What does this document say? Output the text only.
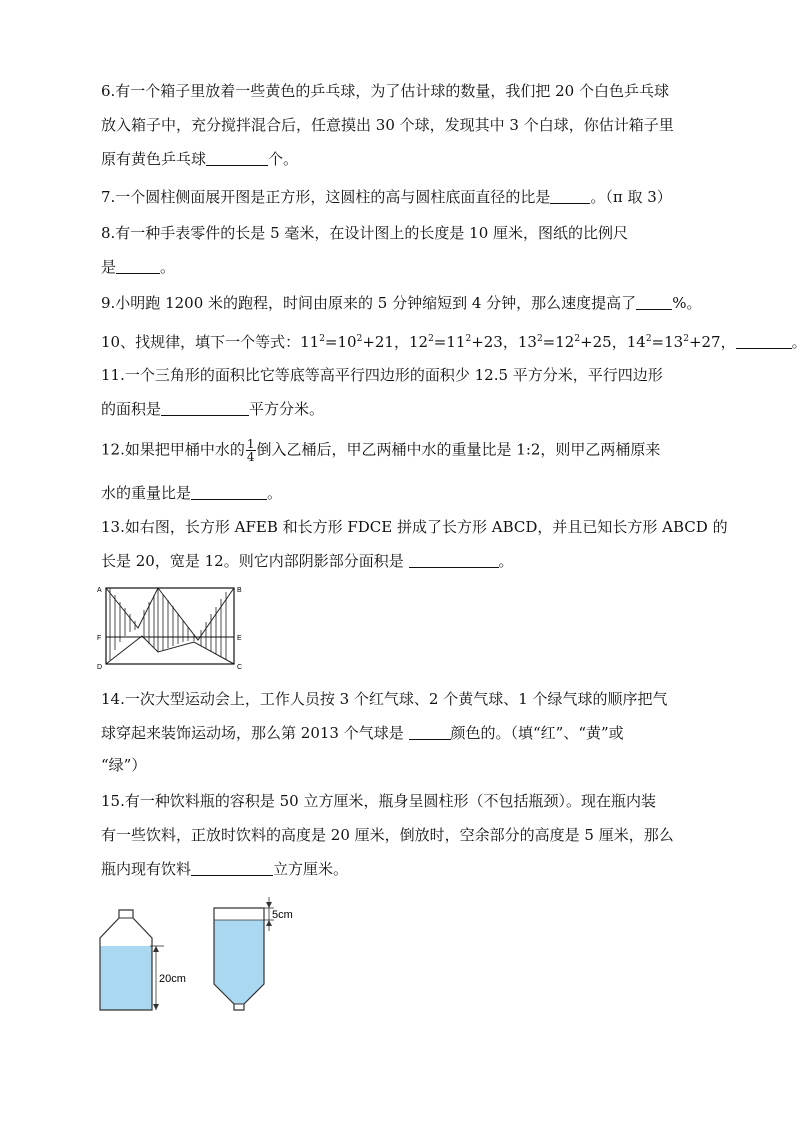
6.有一个箱子里放着一些黄色的乒乓球，为了估计球的数量，我们把 20 个白色乒乓球
放入箱子中，充分搅拌混合后，任意摸出 30 个球，发现其中 3 个白球，你估计箱子里
原有黄色乒乓球	个。
7.一个圆柱侧面展开图是正方形，这圆柱的高与圆柱底面直径的比是	。（π 取 3）
8.有一种手表零件的长是 5 毫米，在设计图上的长度是 10 厘米，图纸的比例尺
是	。
9.小明跑 1200 米的跑程，时间由原来的 5 分钟缩短到 4 分钟，那么速度提高了 %。
10、找规律，填下一个等式：$11^2=10^2+21$，$12^2=11^2+23$，$13^2=12^2+25$，$14^2=13^2+27$，	。
11.一个三角形的面积比它等底等高平行四边形的面积少 12.5 平方分米，平行四边形
的面积是	平方分米。
12.如果把甲桶中水的 $\frac{1}{4}$ 倒入乙桶后，甲乙两桶中水的重量比是 1:2，则甲乙两桶原来
水的重量比是	。
13.如右图，长方形 AFEB 和长方形 FDCE 拼成了长方形 ABCD，并且已知长方形 ABCD 的
长是 20，宽是 12。则它内部阴影部分面积是	。
A	B
F	E
D	C
14.一次大型运动会上，工作人员按 3 个红气球、2 个黄气球、1 个绿气球的顺序把气
球穿起来装饰运动场，那么第 2013 个气球是	颜色的。（填“红”、“黄”或
“绿”）
15.有一种饮料瓶的容积是 50 立方厘米，瓶身呈圆柱形（不包括瓶颈）。现在瓶内装
有一些饮料，正放时饮料的高度是 20 厘米，倒放时，空余部分的高度是 5 厘米，那么
瓶内现有饮料	立方厘米。
20cm
5cm
